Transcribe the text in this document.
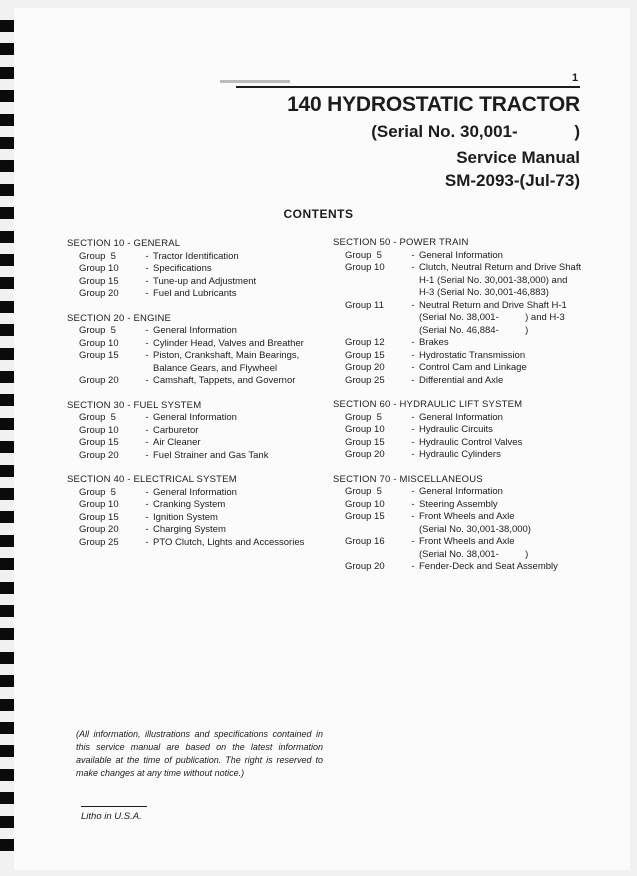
1
140 HYDROSTATIC TRACTOR
(Serial No. 30,001-            )
Service Manual
SM-2093-(Jul-73)
CONTENTS
SECTION 10 - GENERAL
Group  5	- Tractor Identification
Group 10	- Specifications
Group 15	- Tune-up and Adjustment
Group 20	- Fuel and Lubricants
SECTION 20 - ENGINE
Group  5	- General Information
Group 10	- Cylinder Head, Valves and Breather
Group 15	- Piston, Crankshaft, Main Bearings,
Balance Gears, and Flywheel
Group 20	- Camshaft, Tappets, and Governor
SECTION 30 - FUEL SYSTEM
Group  5	- General Information
Group 10	- Carburetor
Group 15	- Air Cleaner
Group 20	- Fuel Strainer and Gas Tank
SECTION 40 - ELECTRICAL SYSTEM
Group  5	- General Information
Group 10	- Cranking System
Group 15	- Ignition System
Group 20	- Charging System
Group 25	- PTO Clutch, Lights and Accessories
SECTION 50 - POWER TRAIN
Group  5	- General Information
Group 10	- Clutch, Neutral Return and Drive Shaft
H-1 (Serial No. 30,001-38,000) and
H-3 (Serial No. 30,001-46,883)
Group 11	- Neutral Return and Drive Shaft H-1
(Serial No. 38,001-          ) and H-3
(Serial No. 46,884-          )
Group 12	- Brakes
Group 15	- Hydrostatic Transmission
Group 20	- Control Cam and Linkage
Group 25	- Differential and Axle
SECTION 60 - HYDRAULIC LIFT SYSTEM
Group  5	- General Information
Group 10	- Hydraulic Circuits
Group 15	- Hydraulic Control Valves
Group 20	- Hydraulic Cylinders
SECTION 70 - MISCELLANEOUS
Group  5	- General Information
Group 10	- Steering Assembly
Group 15	- Front Wheels and Axle
(Serial No. 30,001-38,000)
Group 16	- Front Wheels and Axle
(Serial No. 38,001-          )
Group 20	- Fender-Deck and Seat Assembly
(All information, illustrations and specifications contained in this service manual are based on the latest information available at the time of publication. The right is reserved to make changes at any time without notice.)
Litho in U.S.A.
